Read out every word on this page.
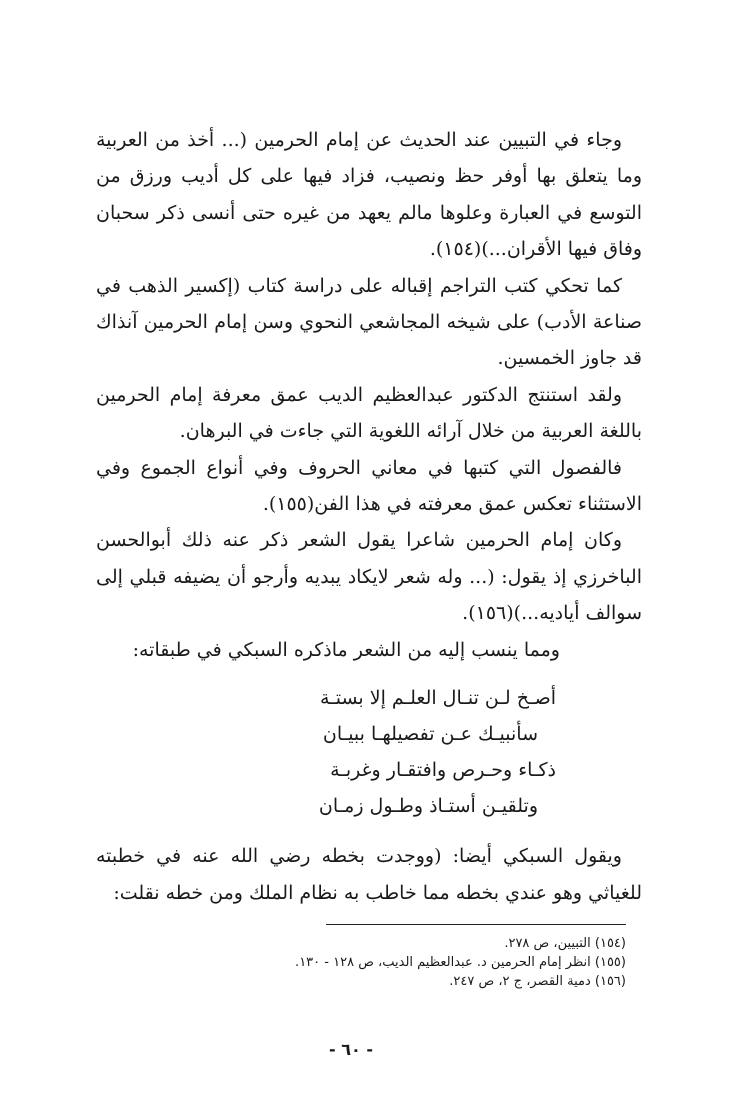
وجاء في التبيين عند الحديث عن إمام الحرمين (... أخذ من العربية وما يتعلق بها أوفر حظ ونصيب، فزاد فيها على كل أديب ورزق من التوسع في العبارة وعلوها مالم يعهد من غيره حتى أنسى ذكر سحبان وفاق فيها الأقران...)(١٥٤).

كما تحكي كتب التراجم إقباله على دراسة كتاب (إكسير الذهب في صناعة الأدب) على شيخه المجاشعي النحوي وسن إمام الحرمين آنذاك قد جاوز الخمسين.

ولقد استنتج الدكتور عبدالعظيم الديب عمق معرفة إمام الحرمين باللغة العربية من خلال آرائه اللغوية التي جاءت في البرهان.

فالفصول التي كتبها في معاني الحروف وفي أنواع الجموع وفي الاستثناء تعكس عمق معرفته في هذا الفن(١٥٥).

وكان إمام الحرمين شاعرا يقول الشعر ذكر عنه ذلك أبوالحسن الباخرزي إذ يقول: (... وله شعر لايكاد يبديه وأرجو أن يضيفه قبلي إلى سوالف أياديه...)(١٥٦).

ومما ينسب إليه من الشعر ماذكره السبكي في طبقاته:

أصـخ لـن تنـال العلـم إلا بستـة
سأنبيـك عـن تفصيلهـا ببيـان
ذكـاء وحـرص وافتقـار وغربـة
وتلقيـن أستـاذ وطـول زمـان

ويقول السبكي أيضا: (ووجدت بخطه رضي الله عنه في خطبته للغياثي وهو عندي بخطه مما خاطب به نظام الملك ومن خطه نقلت:

(١٥٤) التبيين، ص ٢٧٨.
(١٥٥) انظر إمام الحرمين د. عبدالعظيم الديب، ص ١٢٨ - ١٣٠.
(١٥٦) دمية القصر، ج ٢، ص ٢٤٧.
- ٦٠ -
